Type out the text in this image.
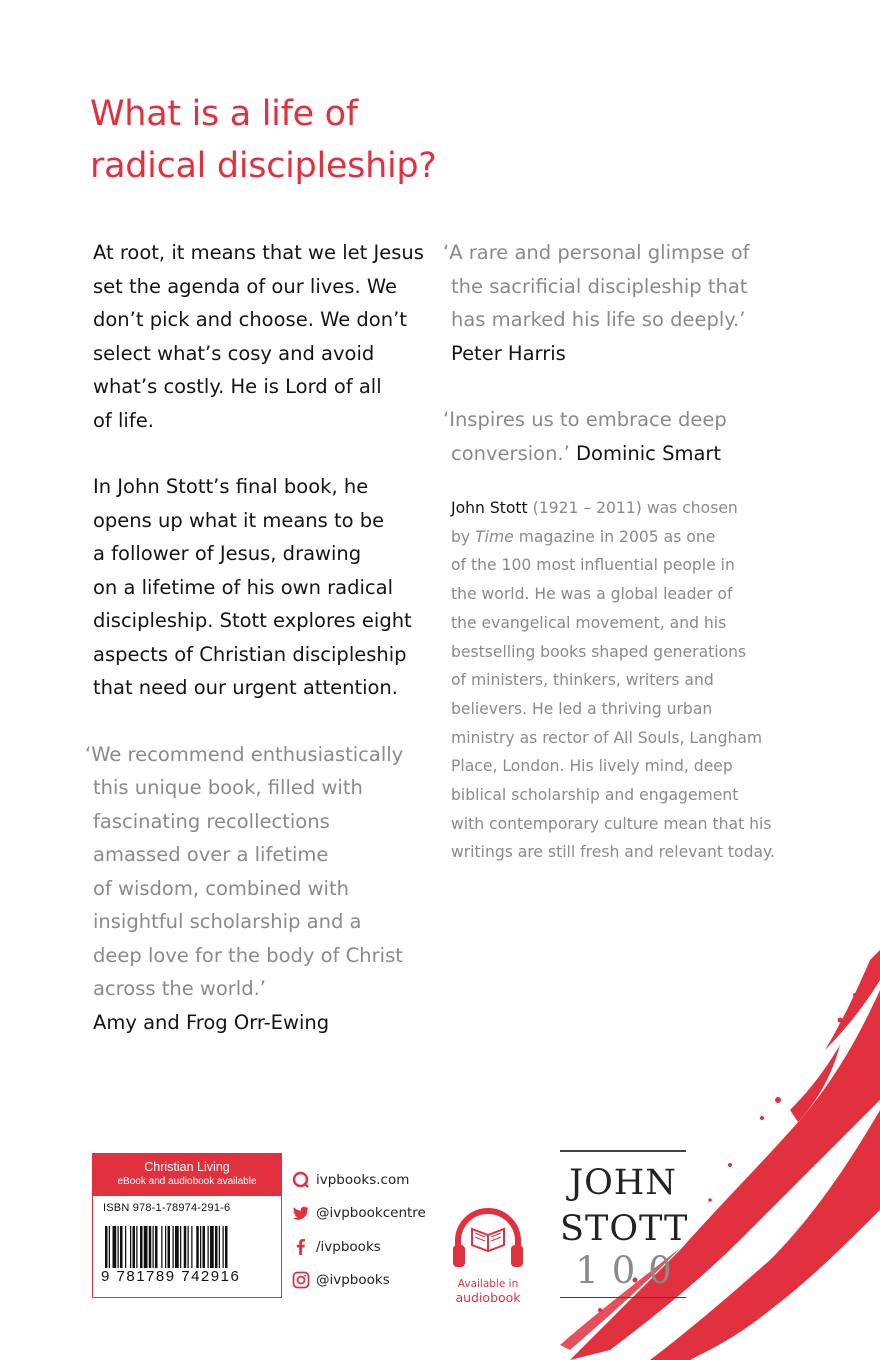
What is a life of
radical discipleship?

At root, it means that we let Jesus
set the agenda of our lives. We
don’t pick and choose. We don’t
select what’s cosy and avoid
what’s costly. He is Lord of all
of life.

In John Stott’s final book, he
opens up what it means to be
a follower of Jesus, drawing
on a lifetime of his own radical
discipleship. Stott explores eight
aspects of Christian discipleship
that need our urgent attention.

‘We recommend enthusiastically
this unique book, filled with
fascinating recollections
amassed over a lifetime
of wisdom, combined with
insightful scholarship and a
deep love for the body of Christ
across the world.’
Amy and Frog Orr-Ewing

‘A rare and personal glimpse of
the sacrificial discipleship that
has marked his life so deeply.’
Peter Harris

‘Inspires us to embrace deep
conversion.’ Dominic Smart

John Stott (1921 – 2011) was chosen
by Time magazine in 2005 as one
of the 100 most influential people in
the world. He was a global leader of
the evangelical movement, and his
bestselling books shaped generations
of ministers, thinkers, writers and
believers. He led a thriving urban
ministry as rector of All Souls, Langham
Place, London. His lively mind, deep
biblical scholarship and engagement
with contemporary culture mean that his
writings are still fresh and relevant today.

Christian Living
eBook and audiobook available
ISBN 978-1-78974-291-6
9 781789 742916
ivpbooks.com
@ivpbookcentre
/ivpbooks
@ivpbooks	Available in
audiobook
JOHN
STOTT
100
